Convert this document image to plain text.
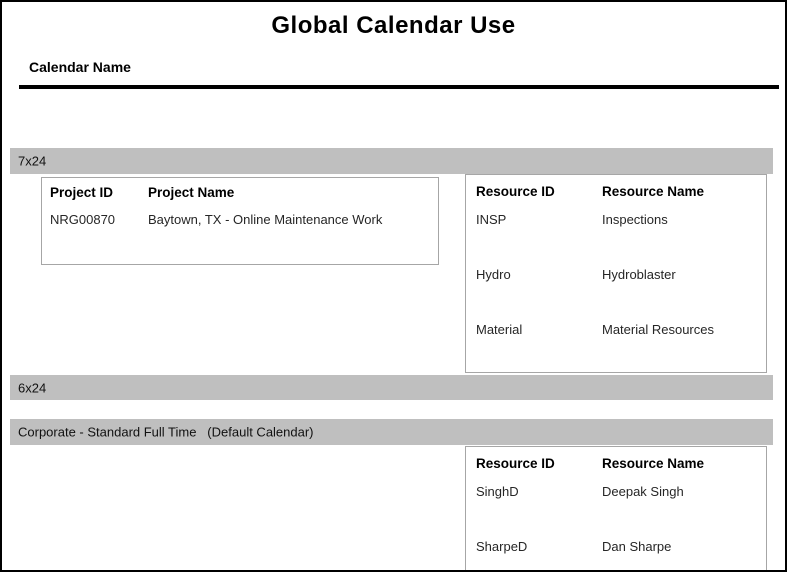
Global Calendar Use
Calendar Name
7x24
Project ID	Project Name
NRG00870	Baytown, TX - Online Maintenance Work
Resource ID	Resource Name
INSP	Inspections
Hydro	Hydroblaster
Material	Material Resources
6x24
Corporate - Standard Full Time   (Default Calendar)
Resource ID	Resource Name
SinghD	Deepak Singh
SharpeD	Dan Sharpe
